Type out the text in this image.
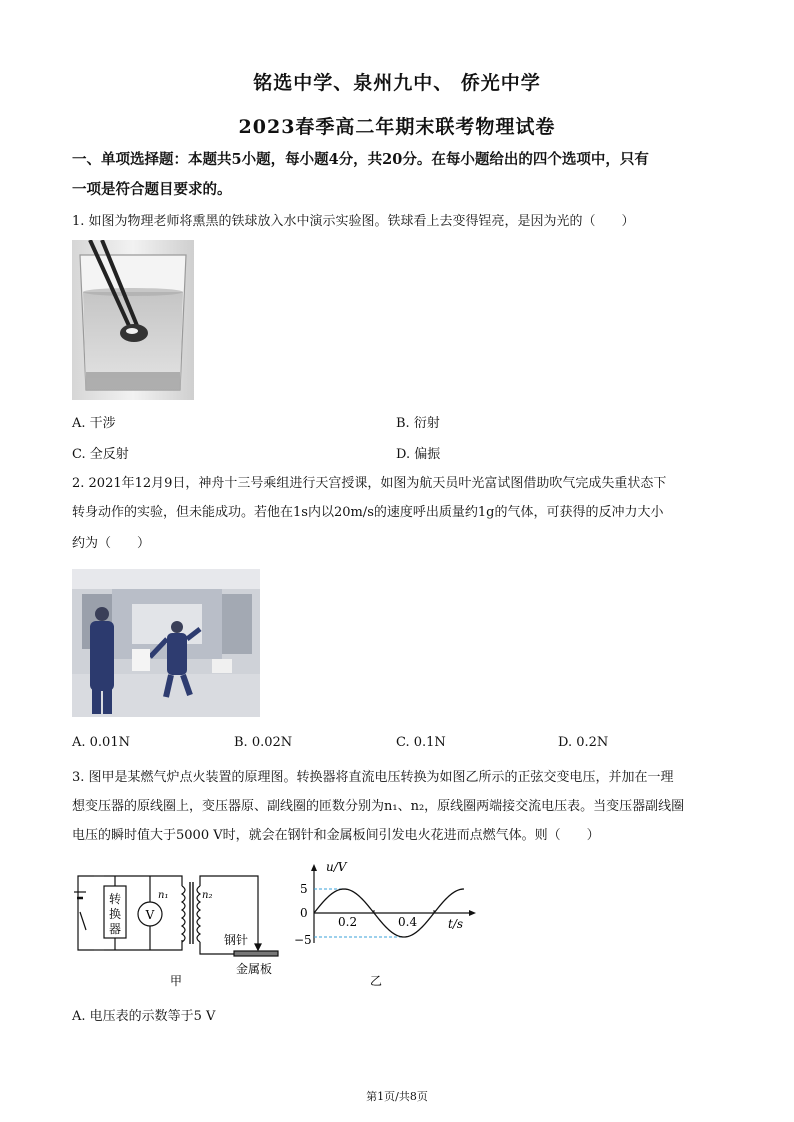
铭选中学、泉州九中、 侨光中学
2023春季高二年期末联考物理试卷
一、单项选择题：本题共5小题，每小题4分，共20分。在每小题给出的四个选项中，只有
一项是符合题目要求的。
1. 如图为物理老师将熏黑的铁球放入水中演示实验图。铁球看上去变得锃亮，是因为光的（　　）
A. 干涉	B. 衍射
C. 全反射	D. 偏振
2. 2021年12月9日，神舟十三号乘组进行天宫授课，如图为航天员叶光富试图借助吹气完成失重状态下
转身动作的实验，但未能成功。若他在1s内以20m/s的速度呼出质量约1g的气体，可获得的反冲力大小
约为（　　）
A. 0.01N	B. 0.02N	C. 0.1N	D. 0.2N
3. 图甲是某燃气炉点火装置的原理图。转换器将直流电压转换为如图乙所示的正弦交变电压，并加在一理
想变压器的原线圈上，变压器原、副线圈的匝数分别为n₁、n₂，原线圈两端接交流电压表。当变压器副线圈
电压的瞬时值大于5000 V时，就会在钢针和金属板间引发电火花进而点燃气体。则（　　）
转
换
器
V
n₁	n₂
钢针
金属板
甲
u/V
t/s
5
0
−5
0.2	0.4
乙
A. 电压表的示数等于5 V
第1页/共8页
